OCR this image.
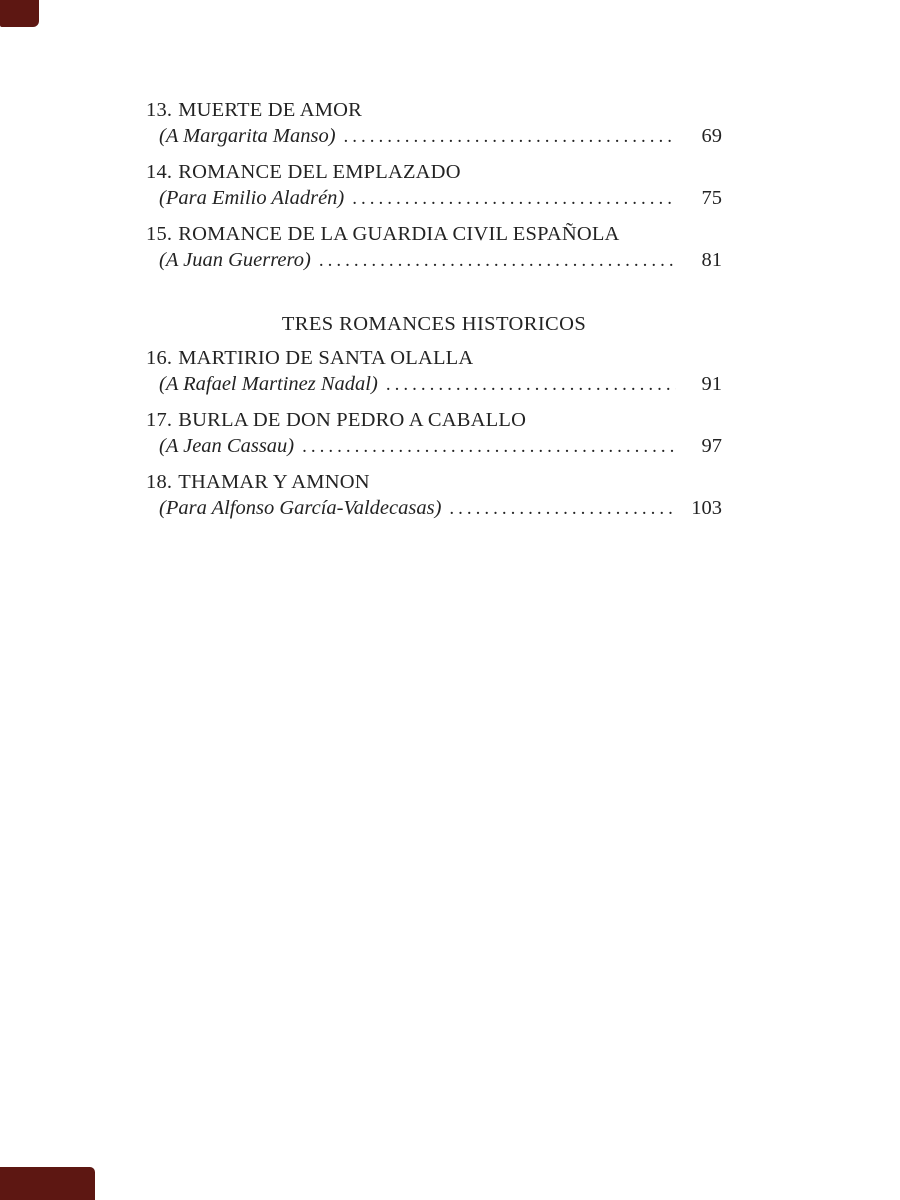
13. MUERTE DE AMOR
(A Margarita Manso) .....	69
14. ROMANCE DEL EMPLAZADO
(Para Emilio Aladrén) .....	75
15. ROMANCE DE LA GUARDIA CIVIL ESPAÑOLA
(A Juan Guerrero) .....	81
TRES ROMANCES HISTORICOS
16. MARTIRIO DE SANTA OLALLA
(A Rafael Martinez Nadal) .....	91
17. BURLA DE DON PEDRO A CABALLO
(A Jean Cassau) .....	97
18. THAMAR Y AMNON
(Para Alfonso García-Valdecasas) .....	103
